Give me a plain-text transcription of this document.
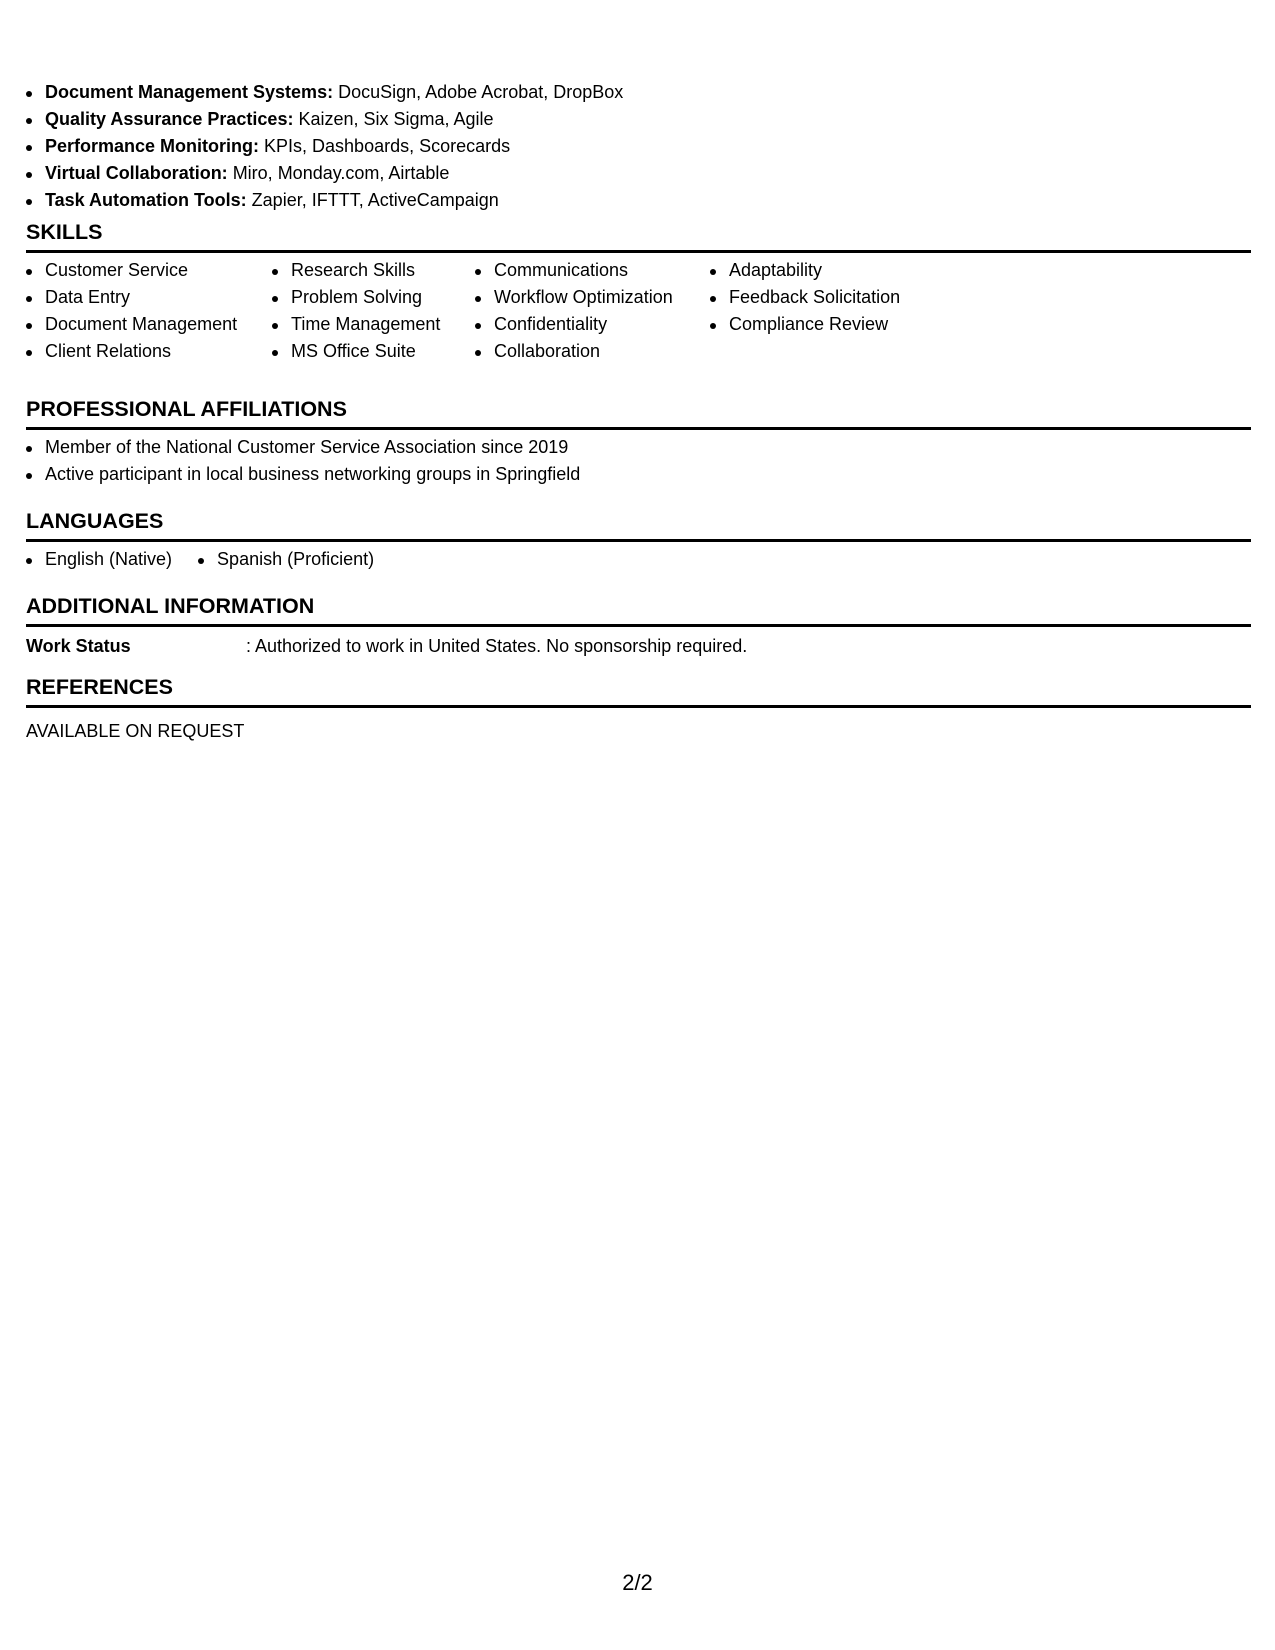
Document Management Systems: DocuSign, Adobe Acrobat, DropBox
Quality Assurance Practices: Kaizen, Six Sigma, Agile
Performance Monitoring: KPIs, Dashboards, Scorecards
Virtual Collaboration: Miro, Monday.com, Airtable
Task Automation Tools: Zapier, IFTTT, ActiveCampaign
SKILLS
Customer Service
Data Entry
Document Management
Client Relations
Research Skills
Problem Solving
Time Management
MS Office Suite
Communications
Workflow Optimization
Confidentiality
Collaboration
Adaptability
Feedback Solicitation
Compliance Review
PROFESSIONAL AFFILIATIONS
Member of the National Customer Service Association since 2019
Active participant in local business networking groups in Springfield
LANGUAGES
English (Native)	Spanish (Proficient)
ADDITIONAL INFORMATION
Work Status	: Authorized to work in United States. No sponsorship required.
REFERENCES
AVAILABLE ON REQUEST
2/2
